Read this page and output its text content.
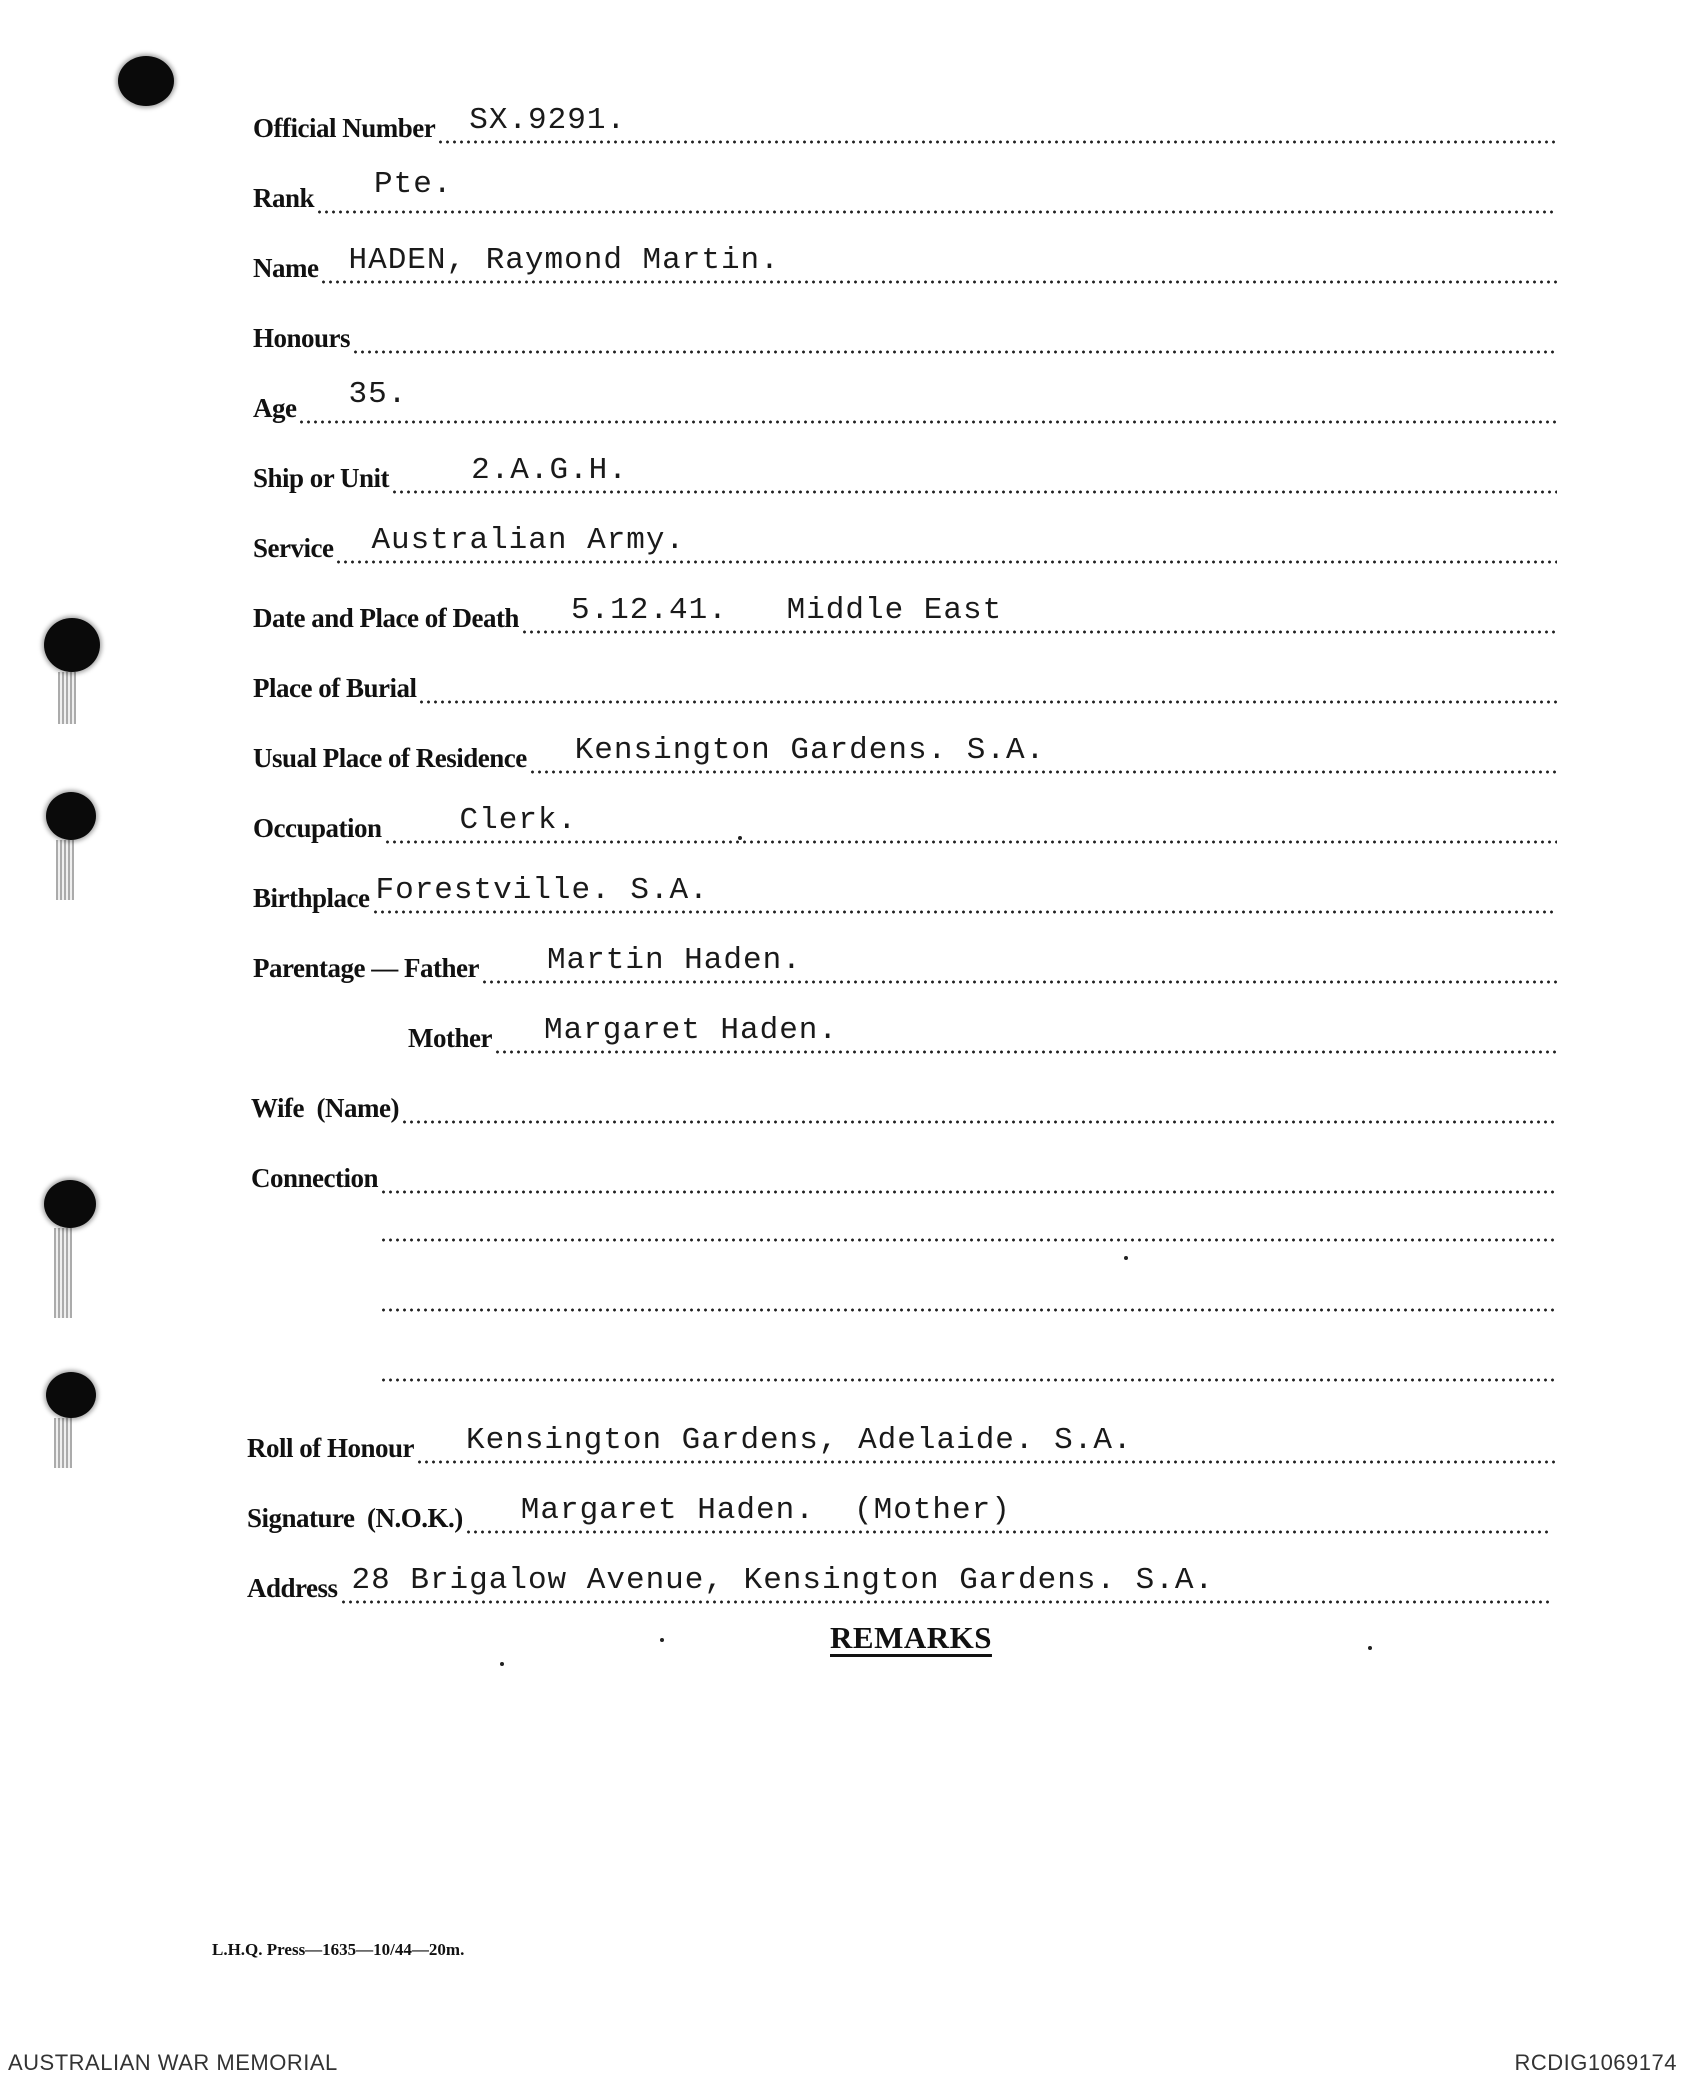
Official Number SX.9291.
Rank Pte.
Name HADEN, Raymond Martin.
Honours
Age 35.
Ship or Unit	2.A.G.H.
Service Australian Army.
Date and Place of Death 5.12.41.   Middle East
Place of Burial
Usual Place of Residence Kensington Gardens. S.A.
Occupation	Clerk.
Birthplace Forestville. S.A.
Parentage — Father Martin Haden.
Mother Margaret Haden.
Wife  (Name)
Connection
Roll of Honour Kensington Gardens, Adelaide. S.A.
Signature  (N.O.K.) Margaret Haden.  (Mother)
Address 28 Brigalow Avenue, Kensington Gardens. S.A.
REMARKS
L.H.Q. Press—1635—10/44—20m.
AUSTRALIAN WAR MEMORIAL	RCDIG1069174
